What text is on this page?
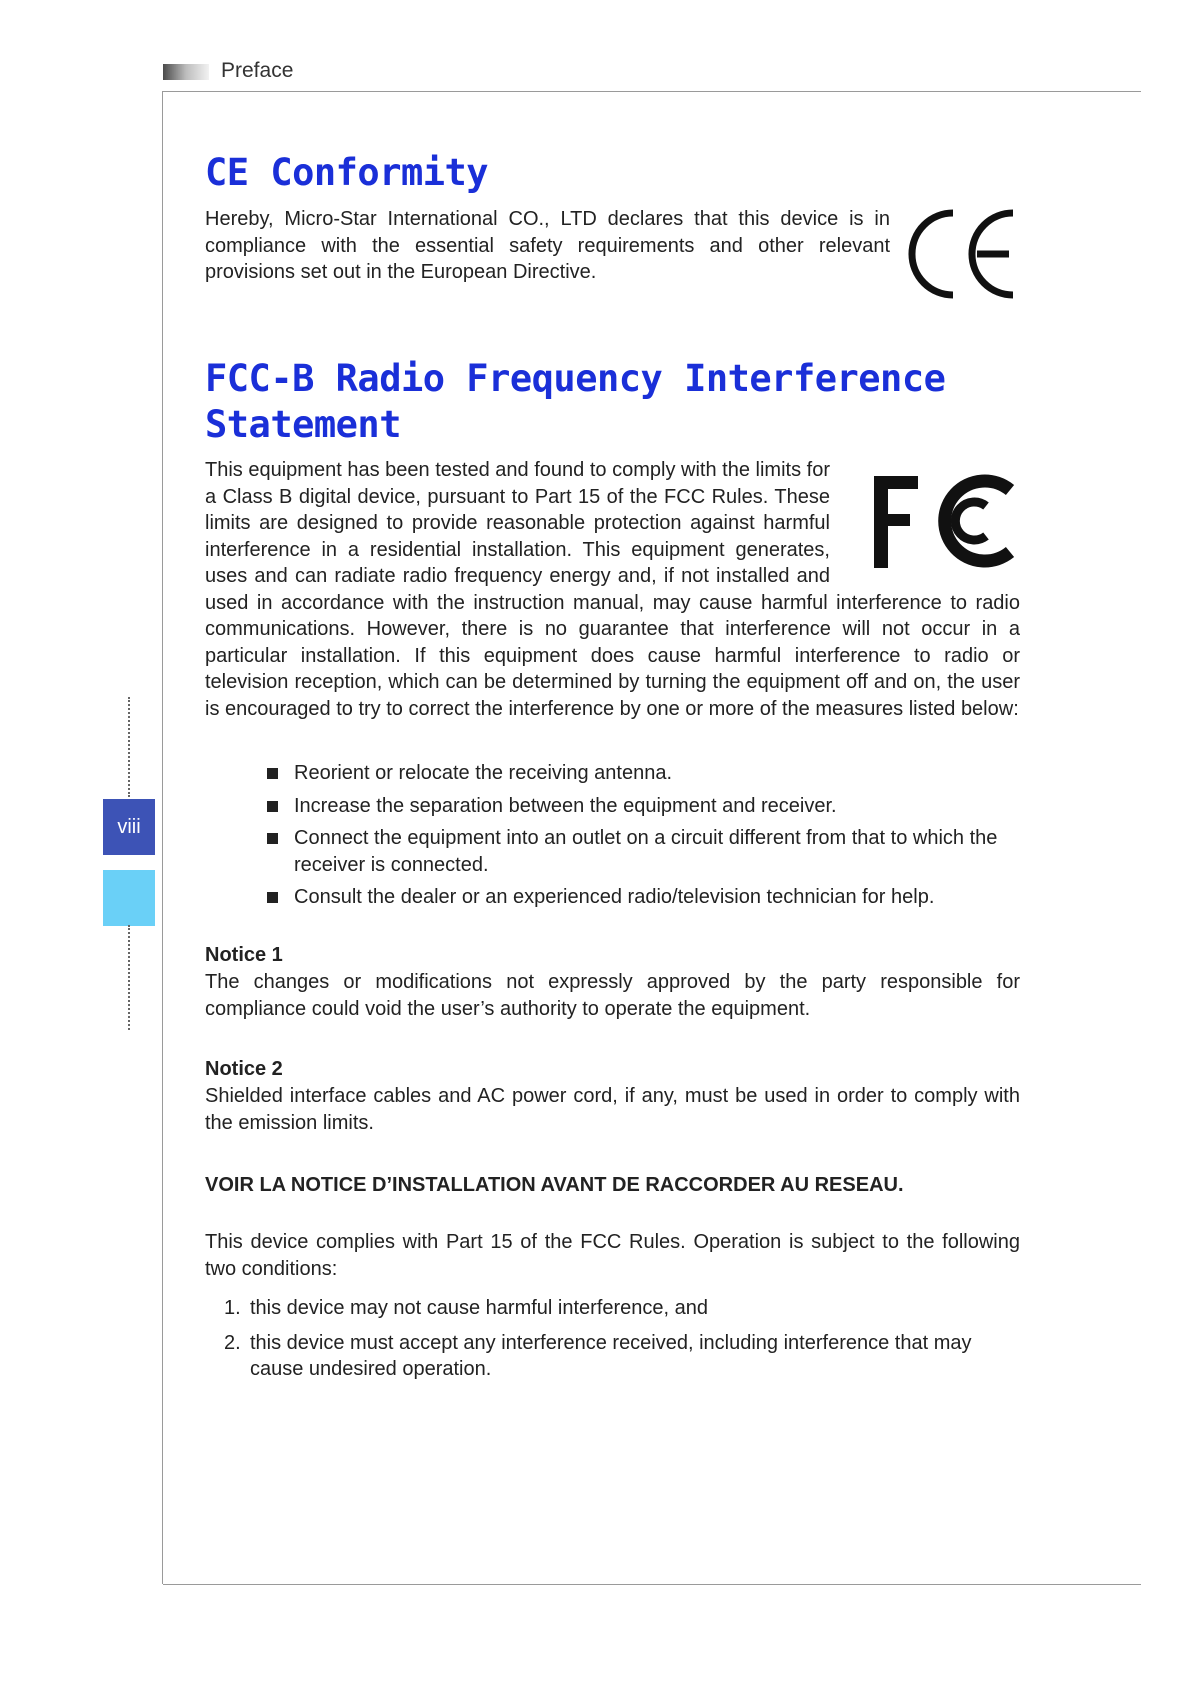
Preface
viii
CE Conformity

Hereby, Micro-Star International CO., LTD declares that this device is in compliance with the essential safety requirements and other relevant provisions set out in the European Directive.

FCC-B Radio Frequency Interference
Statement
This equipment has been tested and found to comply with the limits for a Class B digital device, pursuant to Part 15 of the FCC Rules. These limits are designed to provide reasonable protection against harmful interference in a residential installation. This equipment generates, uses and can radiate radio frequency energy and, if not installed and used in accordance with the instruction manual, may cause harmful interference to radio communications. However, there is no guarantee that interference will not occur in a particular installation. If this equipment does cause harmful interference to radio or television reception, which can be determined by turning the equipment off and on, the user is encouraged to try to correct the interference by one or more of the measures listed below:
Reorient or relocate the receiving antenna.
Increase the separation between the equipment and receiver.
Connect the equipment into an outlet on a circuit different from that to which the receiver is connected.
Consult the dealer or an experienced radio/television technician for help.
Notice 1

The changes or modifications not expressly approved by the party responsible for compliance could void the user’s authority to operate the equipment.

Notice 2

Shielded interface cables and AC power cord, if any, must be used in order to comply with the emission limits.

VOIR LA NOTICE D’INSTALLATION AVANT DE RACCORDER AU RESEAU.

This device complies with Part 15 of the FCC Rules. Operation is subject to the following two conditions:

1. this device may not cause harmful interference, and
2. this device must accept any interference received, including interference that may cause undesired operation.
